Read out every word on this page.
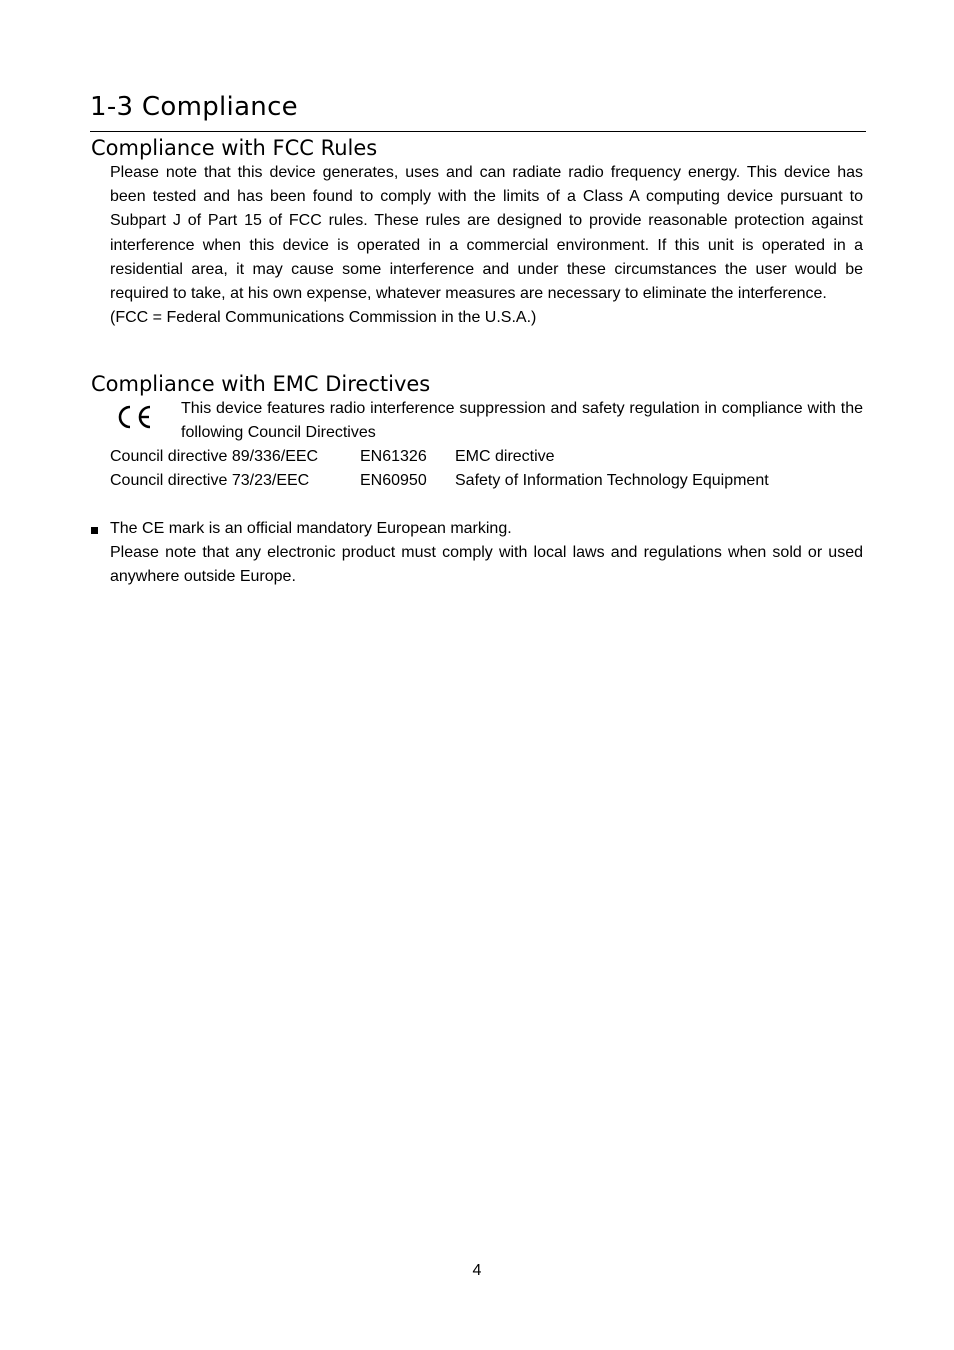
1-3 Compliance
Compliance with FCC Rules

Please note that this device generates, uses and can radiate radio frequency energy. This device has been tested and has been found to comply with the limits of a Class A computing device pursuant to Subpart J of Part 15 of FCC rules. These rules are designed to provide reasonable protection against interference when this device is operated in a commercial environment. If this unit is operated in a residential area, it may cause some interference and under these circumstances the user would be required to take, at his own expense, whatever measures are necessary to eliminate the interference.

(FCC = Federal Communications Commission in the U.S.A.)

Compliance with EMC Directives

This device features radio interference suppression and safety regulation in compliance with the following Council Directives

Council directive 89/336/EEC	EN61326 EMC directive
Council directive 73/23/EEC	EN60950 Safety of Information Technology Equipment

The CE mark is an official mandatory European marking.

Please note that any electronic product must comply with local laws and regulations when sold or used anywhere outside Europe.

4
